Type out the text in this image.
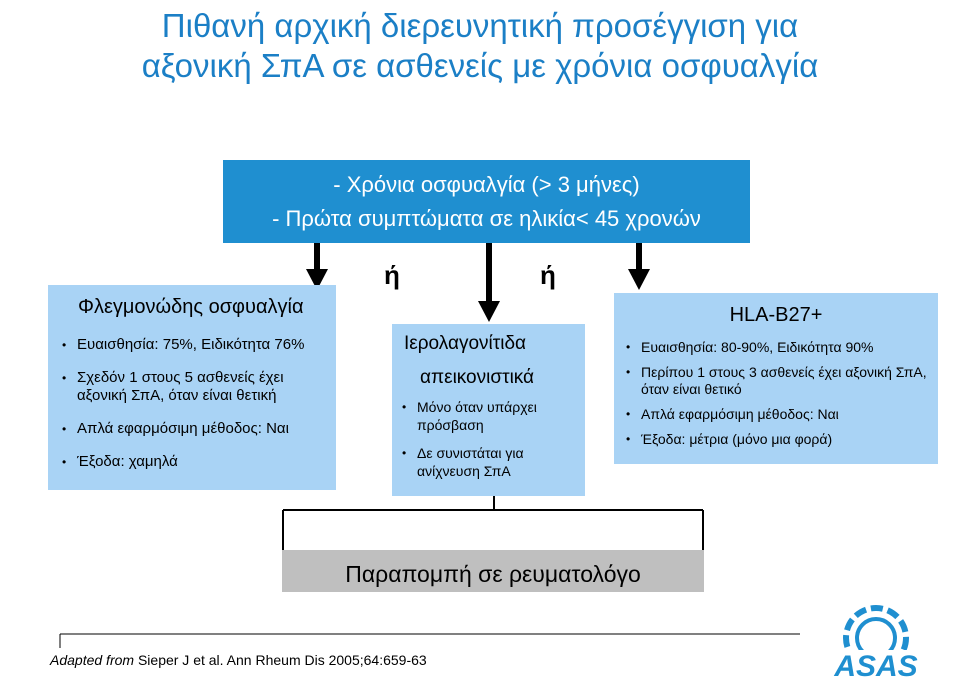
Πιθανή αρχική διερευνητική προσέγγιση για
αξονική ΣπΑ σε ασθενείς με χρόνια οσφυαλγία
- Χρόνια οσφυαλγία (> 3 μήνες)
- Πρώτα συμπτώματα σε ηλικία< 45 χρονών
ή	ή
Φλεγμονώδης οσφυαλγία
• Ευαισθησία: 75%, Ειδικότητα 76%
• Σχεδόν 1 στους 5 ασθενείς έχει αξονική ΣπΑ, όταν είναι θετική
• Απλά εφαρμόσιμη μέθοδος: Ναι
• Έξοδα: χαμηλά
Ιερολαγονίτιδα
απεικονιστικά
• Μόνο όταν υπάρχει πρόσβαση
• Δε συνιστάται για ανίχνευση ΣπΑ
HLA-B27+
• Ευαισθησία: 80-90%, Ειδικότητα 90%
• Περίπου 1 στους 3 ασθενείς έχει αξονική ΣπΑ, όταν είναι θετικό
• Απλά εφαρμόσιμη μέθοδος: Ναι
• Έξοδα: μέτρια (μόνο μια φορά)
Παραπομπή σε ρευματολόγο
Adapted from Sieper J et al. Ann Rheum Dis 2005;64:659-63	ASAS
